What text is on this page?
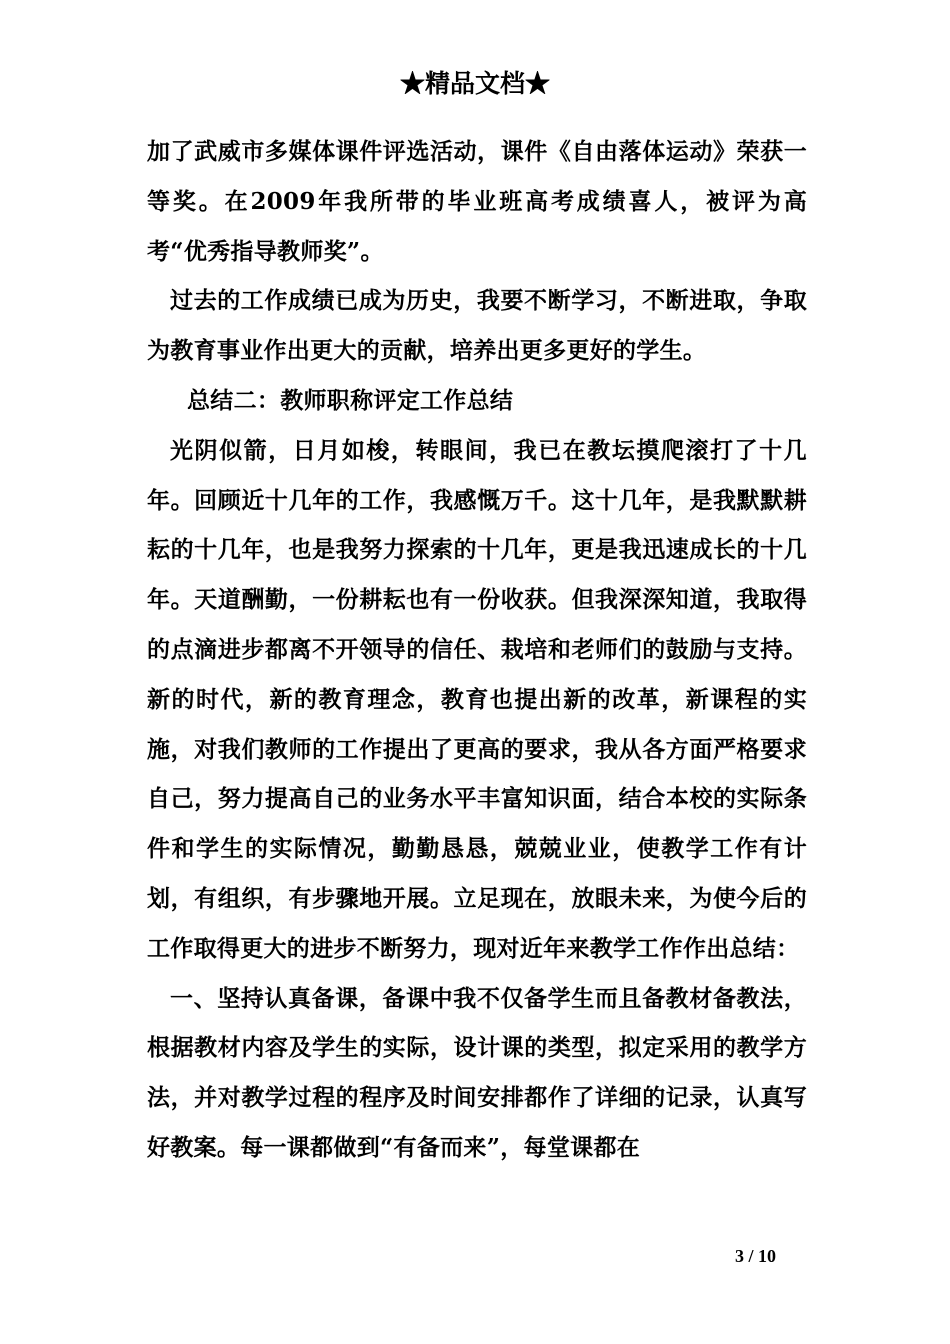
★精品文档★

加了武威市多媒体课件评选活动，课件《自由落体运动》荣获一等奖。在2009年我所带的毕业班高考成绩喜人，被评为高考“优秀指导教师奖”。

过去的工作成绩已成为历史，我要不断学习，不断进取，争取为教育事业作出更大的贡献，培养出更多更好的学生。

总结二：教师职称评定工作总结

光阴似箭，日月如梭，转眼间，我已在教坛摸爬滚打了十几年。回顾近十几年的工作，我感慨万千。这十几年，是我默默耕耘的十几年，也是我努力探索的十几年，更是我迅速成长的十几年。天道酬勤，一份耕耘也有一份收获。但我深深知道，我取得的点滴进步都离不开领导的信任、栽培和老师们的鼓励与支持。新的时代，新的教育理念，教育也提出新的改革，新课程的实施，对我们教师的工作提出了更高的要求，我从各方面严格要求自己，努力提高自己的业务水平丰富知识面，结合本校的实际条件和学生的实际情况，勤勤恳恳，兢兢业业，使教学工作有计划，有组织，有步骤地开展。立足现在，放眼未来，为使今后的工作取得更大的进步不断努力，现对近年来教学工作作出总结：

一、坚持认真备课，备课中我不仅备学生而且备教材备教法，根据教材内容及学生的实际，设计课的类型，拟定采用的教学方法，并对教学过程的程序及时间安排都作了详细的记录，认真写好教案。每一课都做到“有备而来”，每堂课都在

3 / 10
